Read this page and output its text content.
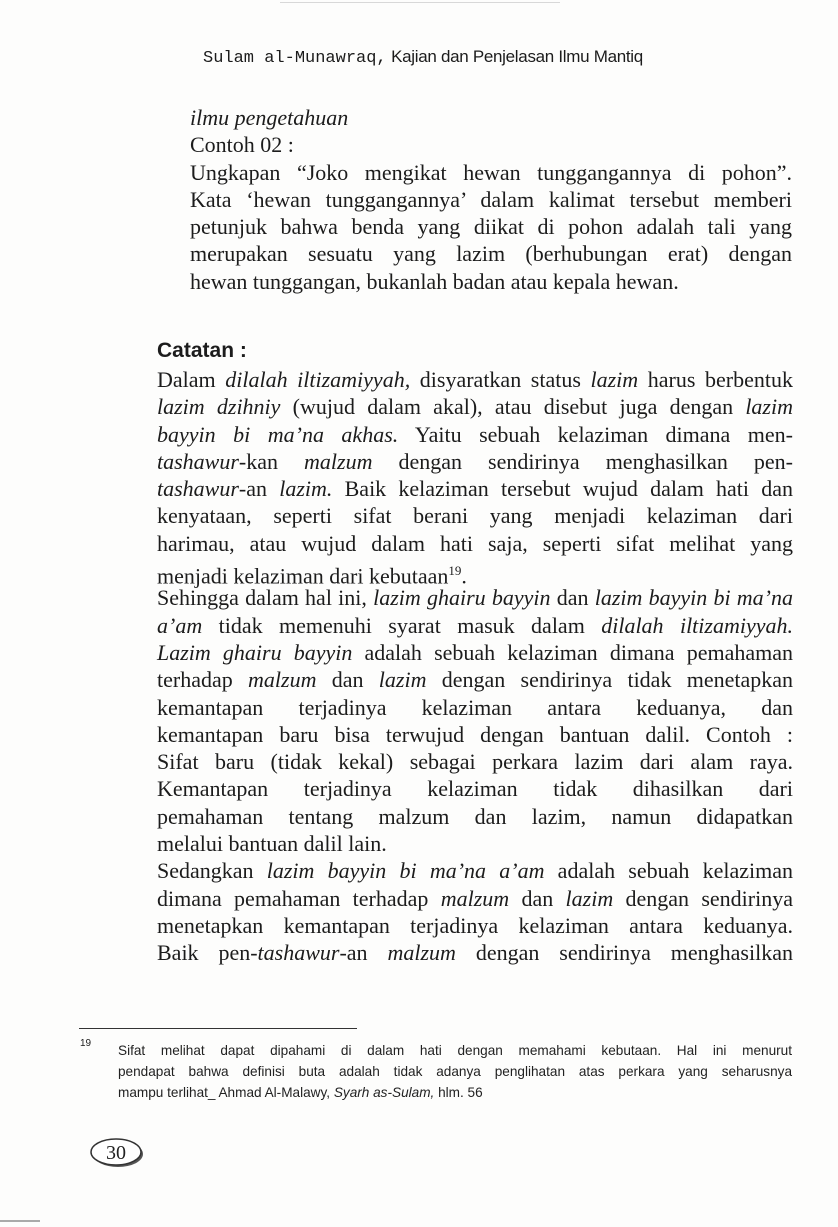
Sulam al-Munawraq, Kajian dan Penjelasan Ilmu Mantiq
ilmu pengetahuan
Contoh 02 :
Ungkapan “Joko mengikat hewan tunggangannya di pohon”.
Kata ‘hewan tunggangannya’ dalam kalimat tersebut memberi
petunjuk bahwa benda yang diikat di pohon adalah tali yang
merupakan sesuatu yang lazim (berhubungan erat) dengan
hewan tunggangan, bukanlah badan atau kepala hewan.
Catatan :
Dalam dilalah iltizamiyyah, disyaratkan status lazim harus berbentuk
lazim dzihniy (wujud dalam akal), atau disebut juga dengan lazim
bayyin bi ma’na akhas. Yaitu sebuah kelaziman dimana men-
tashawur-kan malzum dengan sendirinya menghasilkan pen-
tashawur-an lazim. Baik kelaziman tersebut wujud dalam hati dan
kenyataan, seperti sifat berani yang menjadi kelaziman dari
harimau, atau wujud dalam hati saja, seperti sifat melihat yang
menjadi kelaziman dari kebutaan$^{19}$.
Sehingga dalam hal ini, lazim ghairu bayyin dan lazim bayyin bi ma’na
a’am tidak memenuhi syarat masuk dalam dilalah iltizamiyyah.
Lazim ghairu bayyin adalah sebuah kelaziman dimana pemahaman
terhadap malzum dan lazim dengan sendirinya tidak menetapkan
kemantapan terjadinya kelaziman antara keduanya, dan
kemantapan baru bisa terwujud dengan bantuan dalil. Contoh :
Sifat baru (tidak kekal) sebagai perkara lazim dari alam raya.
Kemantapan terjadinya kelaziman tidak dihasilkan dari
pemahaman tentang malzum dan lazim, namun didapatkan
melalui bantuan dalil lain.
Sedangkan lazim bayyin bi ma’na a’am adalah sebuah kelaziman
dimana pemahaman terhadap malzum dan lazim dengan sendirinya
menetapkan kemantapan terjadinya kelaziman antara keduanya.
Baik pen-tashawur-an malzum dengan sendirinya menghasilkan
19 Sifat melihat dapat dipahami di dalam hati dengan memahami kebutaan. Hal ini menurut
pendapat bahwa definisi buta adalah tidak adanya penglihatan atas perkara yang seharusnya
mampu terlihat_ Ahmad Al-Malawy, Syarh as-Sulam, hlm. 56
30
